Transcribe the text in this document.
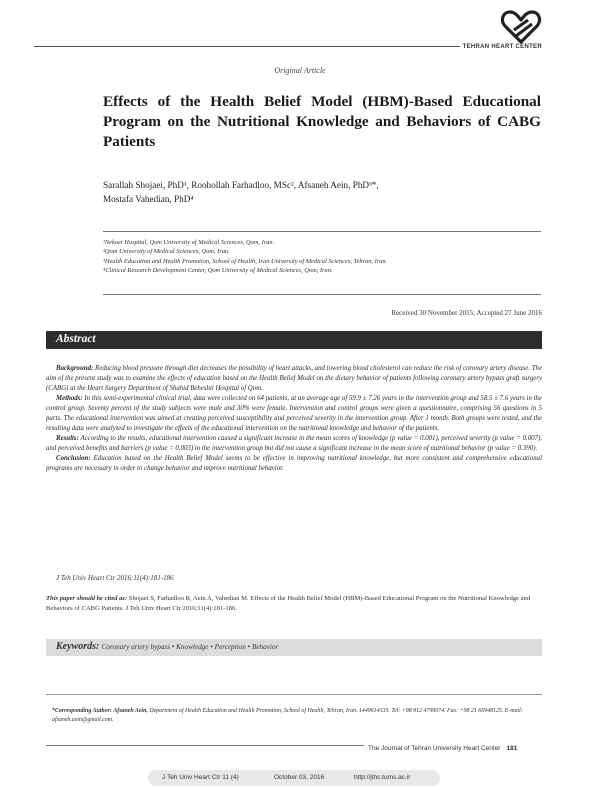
TEHRAN HEART CENTER
Original Article
Effects of the Health Belief Model (HBM)-Based Educational Program on the Nutritional Knowledge and Behaviors of CABG Patients
Sarallah Shojaei, PhD¹, Roohollah Farhadloo, MSc², Afsaneh Aein, PhD³*,
Mostafa Vahedian, PhD⁴
¹Nekoei Hospital, Qom University of Medical Sciences, Qom, Iran.
²Qom University of Medical Sciences, Qom, Iran.
³Health Education and Health Promotion, School of Health, Iran University of Medical Sciences, Tehran, Iran.
⁴Clinical Research Development Center, Qom University of Medical Sciences, Qom, Iran.
Received 30 November 2015; Accepted 27 June 2016
Abstract

Background: Reducing blood pressure through diet decreases the possibility of heart attacks, and lowering blood cholesterol can reduce the risk of coronary artery disease. The aim of the present study was to examine the effects of education based on the Health Belief Model on the dietary behavior of patients following coronary artery bypass graft surgery (CABG) at the Heart Surgery Department of Shahid Beheshti Hospital of Qom.

Methods: In this semi-experimental clinical trial, data were collected on 64 patients, at an average age of 59.9 ± 7.26 years in the intervention group and 58.5 ± 7.6 years in the control group. Seventy percent of the study subjects were male and 30% were female. Intervention and control groups were given a questionnaire, comprising 56 questions in 5 parts. The educational intervention was aimed at creating perceived susceptibility and perceived severity in the intervention group. After 1 month. Both groups were tested, and the resulting data were analyzed to investigate the effects of the educational intervention on the nutritional knowledge and behavior of the patients.

Results: According to the results, educational intervention caused a significant increase in the mean scores of knowledge (p value = 0.001), perceived severity (p value = 0.007), and perceived benefits and barriers (p value = 0.003) in the intervention group but did not cause a significant increase in the mean score of nutritional behavior (p value = 0.390).

Conclusion: Education based on the Health Belief Model seems to be effective in improving nutritional knowledge, but more consistent and comprehensive educational programs are necessary in order to change behavior and improve nutritional behavior.

J Teh Univ Heart Ctr 2016;11(4):181-186
This paper should be cited as: Shojaei S, Farhadloo R, Aein A, Vahedian M. Effects of the Health Belief Model (HBM)-Based Educational Program on the Nutritional Knowledge and Behaviors of CABG Patients. J Teh Univ Heart Ctr 2016;11(4):181-186.
Keywords: Coronary artery bypass • Knowledge • Perception • Behavior
*Corresponding Author: Afsaneh Aein, Department of Health Education and Health Promotion, School of Health, Tehran, Iran. 1449614535. Tel: +98 912 4799074. Fax: +98 21 66948125. E-mail: afsaneh.aein@gmail.com.
The Journal of Tehran University Heart Center 181
J Teh Univ Heart Ctr 11 (4)	October 03, 2016	http://jthc.tums.ac.ir
